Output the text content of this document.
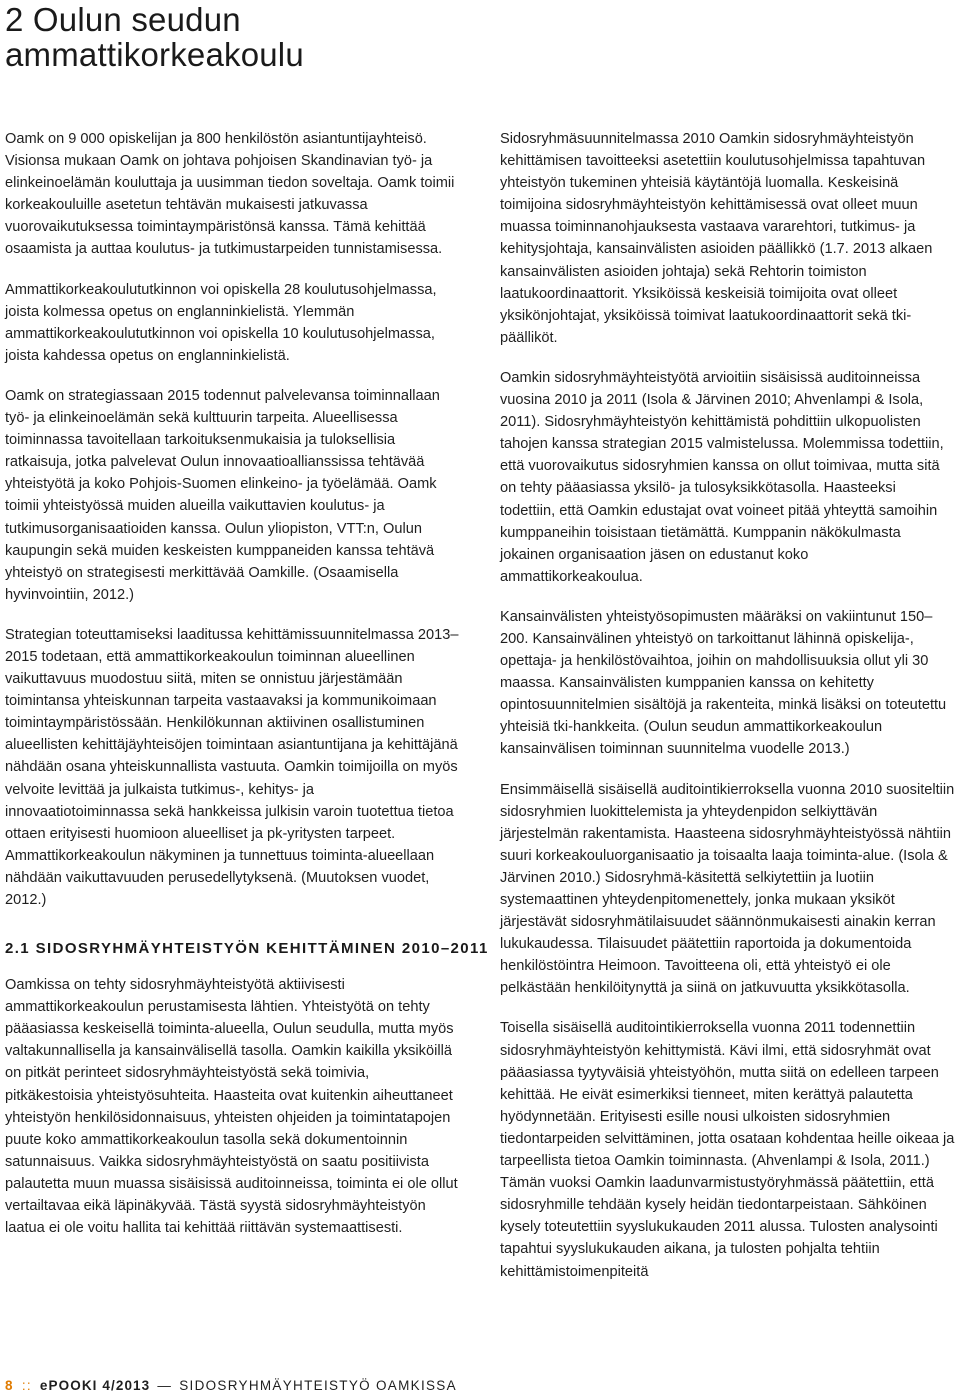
2 Oulun seudun
ammattikorkeakoulu

Oamk on 9 000 opiskelijan ja 800 henkilöstön asiantuntijayhteisö. Visionsa mukaan Oamk on johtava pohjoisen Skandinavian työ- ja elinkeinoelämän kouluttaja ja uusimman tiedon soveltaja. Oamk toimii korkeakouluille asetetun tehtävän mukaisesti jatkuvassa vuorovaikutuksessa toimintaympäristönsä kanssa. Tämä kehittää osaamista ja auttaa koulutus- ja tutkimustarpeiden tunnistamisessa.

Ammattikorkeakoulututkinnon voi opiskella 28 koulutusohjelmassa, joista kolmessa opetus on englanninkielistä. Ylemmän ammattikorkeakoulututkinnon voi opiskella 10 koulutusohjelmassa, joista kahdessa opetus on englanninkielistä.

Oamk on strategiassaan 2015 todennut palvelevansa toiminnallaan työ- ja elinkeinoelämän sekä kulttuurin tarpeita. Alueellisessa toiminnassa tavoitellaan tarkoituksenmukaisia ja tuloksellisia ratkaisuja, jotka palvelevat Oulun innovaatioallianssissa tehtävää yhteistyötä ja koko Pohjois-Suomen elinkeino- ja työelämää. Oamk toimii yhteistyössä muiden alueilla vaikuttavien koulutus- ja tutkimusorganisaatioiden kanssa. Oulun yliopiston, VTT:n, Oulun kaupungin sekä muiden keskeisten kumppaneiden kanssa tehtävä yhteistyö on strategisesti merkittävää Oamkille. (Osaamisella hyvinvointiin, 2012.)

Strategian toteuttamiseksi laaditussa kehittämissuunnitelmassa 2013–2015 todetaan, että ammattikorkeakoulun toiminnan alueellinen vaikuttavuus muodostuu siitä, miten se onnistuu järjestämään toimintansa yhteiskunnan tarpeita vastaavaksi ja kommunikoimaan toimintaympäristössään. Henkilökunnan aktiivinen osallistuminen alueellisten kehittäjäyhteisöjen toimintaan asiantuntijana ja kehittäjänä nähdään osana yhteiskunnallista vastuuta. Oamkin toimijoilla on myös velvoite levittää ja julkaista tutkimus-, kehitys- ja innovaatiotoiminnassa sekä hankkeissa julkisin varoin tuotettua tietoa ottaen erityisesti huomioon alueelliset ja pk-yritysten tarpeet. Ammattikorkeakoulun näkyminen ja tunnettuus toiminta-alueellaan nähdään vaikuttavuuden perusedellytyksenä. (Muutoksen vuodet, 2012.)

2.1 SIDOSRYHMÄYHTEISTYÖN KEHITTÄMINEN 2010–2011

Oamkissa on tehty sidosryhmäyhteistyötä aktiivisesti ammattikorkeakoulun perustamisesta lähtien. Yhteistyötä on tehty pääasiassa keskeisellä toiminta-alueella, Oulun seudulla, mutta myös valtakunnallisella ja kansainvälisellä tasolla. Oamkin kaikilla yksiköillä on pitkät perinteet sidosryhmäyhteistyöstä sekä toimivia, pitkäkestoisia yhteistyösuhteita. Haasteita ovat kuitenkin aiheuttaneet yhteistyön henkilösidonnaisuus, yhteisten ohjeiden ja toimintatapojen puute koko ammattikorkeakoulun tasolla sekä dokumentoinnin satunnaisuus. Vaikka sidosryhmäyhteistyöstä on saatu positiivista palautetta muun muassa sisäisissä auditoinneissa, toiminta ei ole ollut vertailtavaa eikä läpinäkyvää. Tästä syystä sidosryhmäyhteistyön laatua ei ole voitu hallita tai kehittää riittävän systemaattisesti.

Sidosryhmäsuunnitelmassa 2010 Oamkin sidosryhmäyhteistyön kehittämisen tavoitteeksi asetettiin koulutusohjelmissa tapahtuvan yhteistyön tukeminen yhteisiä käytäntöjä luomalla. Keskeisinä toimijoina sidosryhmäyhteistyön kehittämisessä ovat olleet muun muassa toiminnanohjauksesta vastaava vararehtori, tutkimus- ja kehitysjohtaja, kansainvälisten asioiden päällikkö (1.7. 2013 alkaen kansainvälisten asioiden johtaja) sekä Rehtorin toimiston laatukoordinaattorit. Yksiköissä keskeisiä toimijoita ovat olleet yksikönjohtajat, yksiköissä toimivat laatukoordinaattorit sekä tki-päälliköt.

Oamkin sidosryhmäyhteistyötä arvioitiin sisäisissä auditoinneissa vuosina 2010 ja 2011 (Isola & Järvinen 2010; Ahvenlampi & Isola, 2011). Sidosryhmäyhteistyön kehittämistä pohdittiin ulkopuolisten tahojen kanssa strategian 2015 valmistelussa. Molemmissa todettiin, että vuorovaikutus sidosryhmien kanssa on ollut toimivaa, mutta sitä on tehty pääasiassa yksilö- ja tulosyksikkötasolla. Haasteeksi todettiin, että Oamkin edustajat ovat voineet pitää yhteyttä samoihin kumppaneihin toisistaan tietämättä. Kumppanin näkökulmasta jokainen organisaation jäsen on edustanut koko ammattikorkeakoulua.

Kansainvälisten yhteistyösopimusten määräksi on vakiintunut 150–200. Kansainvälinen yhteistyö on tarkoittanut lähinnä opiskelija-, opettaja- ja henkilöstövaihtoa, joihin on mahdollisuuksia ollut yli 30 maassa. Kansainvälisten kumppanien kanssa on kehitetty opintosuunnitelmien sisältöjä ja rakenteita, minkä lisäksi on toteutettu yhteisiä tki-hankkeita. (Oulun seudun ammattikorkeakoulun kansainvälisen toiminnan suunnitelma vuodelle 2013.)

Ensimmäisellä sisäisellä auditointikierroksella vuonna 2010 suositeltiin sidosryhmien luokittelemista ja yhteydenpidon selkiyttävän järjestelmän rakentamista. Haasteena sidosryhmäyhteistyössä nähtiin suuri korkeakouluorganisaatio ja toisaalta laaja toiminta-alue. (Isola & Järvinen 2010.) Sidosryhmä-käsitettä selkiytettiin ja luotiin systemaattinen yhteydenpitomenettely, jonka mukaan yksiköt järjestävät sidosryhmätilaisuudet säännönmukaisesti ainakin kerran lukukaudessa. Tilaisuudet päätettiin raportoida ja dokumentoida henkilöstöintra Heimoon. Tavoitteena oli, että yhteistyö ei ole pelkästään henkilöitynyttä ja siinä on jatkuvuutta yksikkötasolla.

Toisella sisäisellä auditointikierroksella vuonna 2011 todennettiin sidosryhmäyhteistyön kehittymistä. Kävi ilmi, että sidosryhmät ovat pääasiassa tyytyväisiä yhteistyöhön, mutta siitä on edelleen tarpeen kehittää. He eivät esimerkiksi tienneet, miten kerättyä palautetta hyödynnetään. Erityisesti esille nousi ulkoisten sidosryhmien tiedontarpeiden selvittäminen, jotta osataan kohdentaa heille oikeaa ja tarpeellista tietoa Oamkin toiminnasta. (Ahvenlampi & Isola, 2011.) Tämän vuoksi Oamkin laadunvarmistustyöryhmässä päätettiin, että sidosryhmille tehdään kysely heidän tiedontarpeistaan. Sähköinen kysely toteutettiin syyslukukauden 2011 alussa. Tulosten analysointi tapahtui syyslukukauden aikana, ja tulosten pohjalta tehtiin kehittämistoimenpiteitä

8 :: ePOOKI 4/2013 — SIDOSRYHMÄYHTEISTYÖ OAMKISSA
